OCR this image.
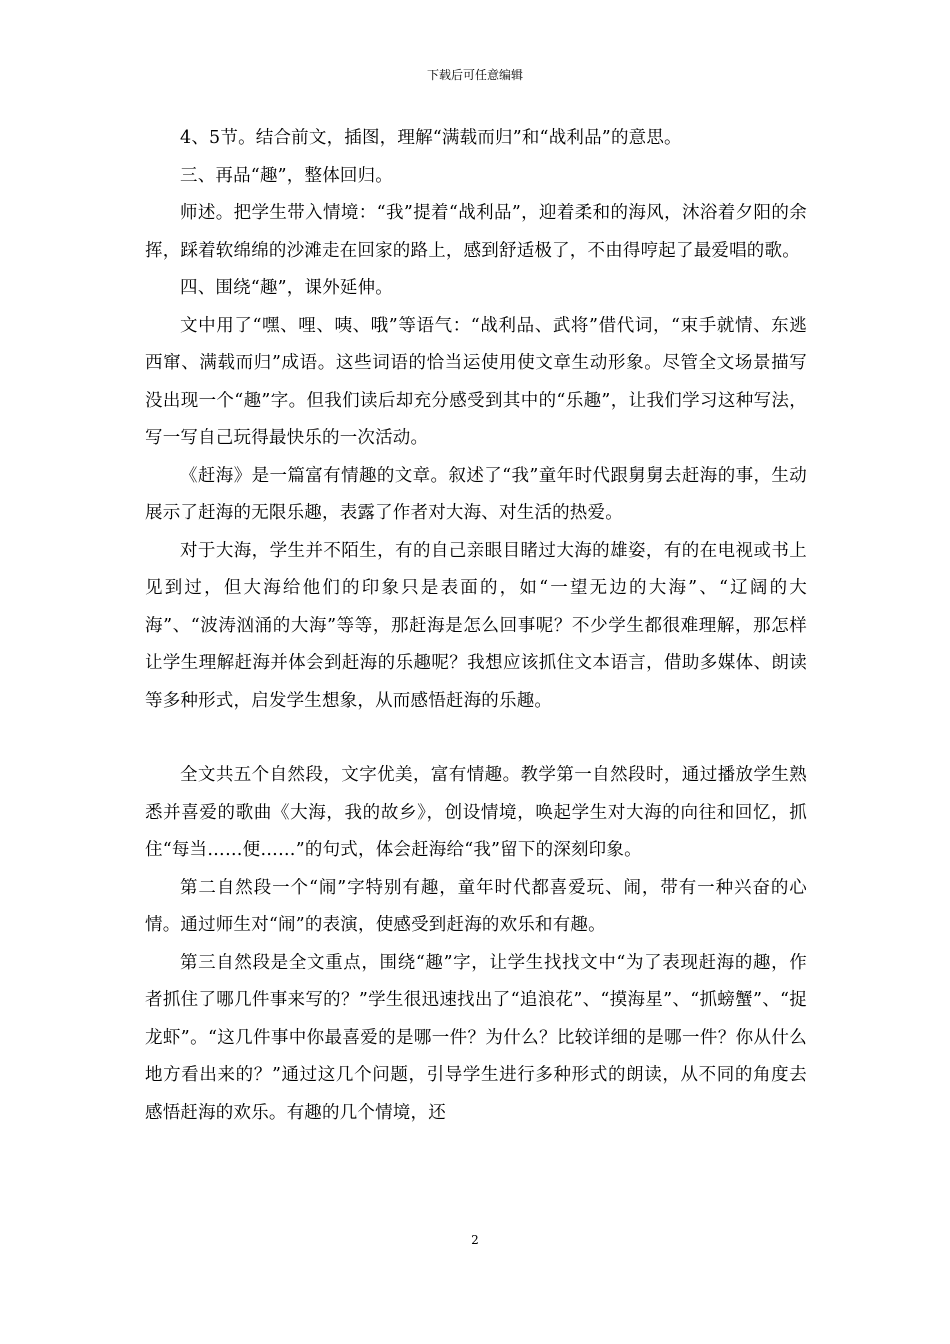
下载后可任意编辑

4、5节。结合前文，插图，理解“满载而归”和“战利品”的意思。

三、再品“趣”，整体回归。

师述。把学生带入情境：“我”提着“战利品”，迎着柔和的海风，沐浴着夕阳的余挥，踩着软绵绵的沙滩走在回家的路上，感到舒适极了，不由得哼起了最爱唱的歌。

四、围绕“趣”，课外延伸。

文中用了“嘿、哩、咦、哦”等语气：“战利品、武将”借代词，“束手就情、东逃西窜、满载而归”成语。这些词语的恰当运使用使文章生动形象。尽管全文场景描写没出现一个“趣”字。但我们读后却充分感受到其中的“乐趣”，让我们学习这种写法，写一写自己玩得最快乐的一次活动。

《赶海》是一篇富有情趣的文章。叙述了“我”童年时代跟舅舅去赶海的事，生动展示了赶海的无限乐趣，表露了作者对大海、对生活的热爱。

对于大海，学生并不陌生，有的自己亲眼目睹过大海的雄姿，有的在电视或书上见到过，但大海给他们的印象只是表面的，如“一望无边的大海”、“辽阔的大海”、“波涛汹涌的大海”等等，那赶海是怎么回事呢？不少学生都很难理解，那怎样让学生理解赶海并体会到赶海的乐趣呢？我想应该抓住文本语言，借助多媒体、朗读等多种形式，启发学生想象，从而感悟赶海的乐趣。

全文共五个自然段，文字优美，富有情趣。教学第一自然段时，通过播放学生熟悉并喜爱的歌曲《大海，我的故乡》，创设情境，唤起学生对大海的向往和回忆，抓住“每当……便……”的句式，体会赶海给“我”留下的深刻印象。

第二自然段一个“闹”字特别有趣，童年时代都喜爱玩、闹，带有一种兴奋的心情。通过师生对“闹”的表演，使感受到赶海的欢乐和有趣。

第三自然段是全文重点，围绕“趣”字，让学生找找文中“为了表现赶海的趣，作者抓住了哪几件事来写的？”学生很迅速找出了“追浪花”、“摸海星”、“抓螃蟹”、“捉龙虾”。“这几件事中你最喜爱的是哪一件？为什么？比较详细的是哪一件？你从什么地方看出来的？”通过这几个问题，引导学生进行多种形式的朗读，从不同的角度去感悟赶海的欢乐。有趣的几个情境，还

2
